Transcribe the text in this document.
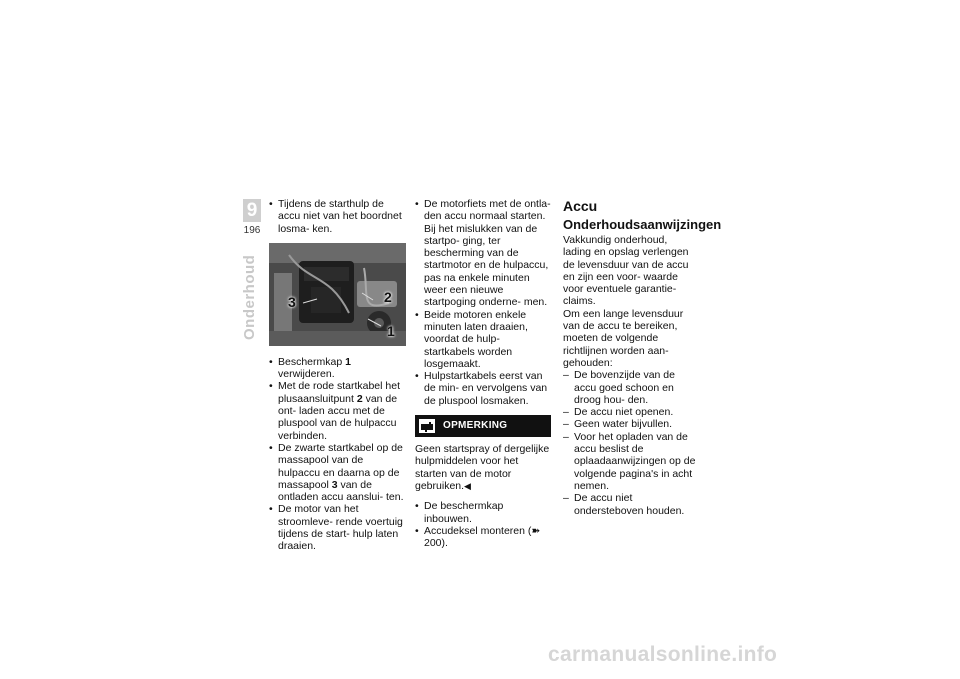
9
196
Onderhoud
• Tijdens de starthulp de accu niet van het boordnet losma- ken.
3	2
1
• Beschermkap 1 verwijderen.
• Met de rode startkabel het plusaansluitpunt 2 van de ont- laden accu met de pluspool van de hulpaccu verbinden.
• De zwarte startkabel op de massapool van de hulpaccu en daarna op de massapool 3 van de ontladen accu aanslui- ten.
• De motor van het stroomleve- rende voertuig tijdens de start- hulp laten draaien.
• De motorfiets met de ontla- den accu normaal starten. Bij het mislukken van de startpo- ging, ter bescherming van de startmotor en de hulpaccu, pas na enkele minuten weer een nieuwe startpoging onderne- men.
• Beide motoren enkele minuten laten draaien, voordat de hulp- startkabels worden losgemaakt.
• Hulpstartkabels eerst van de min- en vervolgens van de pluspool losmaken.
OPMERKING

Geen startspray of dergelijke hulpmiddelen voor het starten van de motor gebruiken.◀

• De beschermkap inbouwen.
• Accudeksel monteren (➽ 200).
Accu
Onderhoudsaanwijzingen

Vakkundig onderhoud, lading en opslag verlengen de levensduur van de accu en zijn een voor- waarde voor eventuele garantie- claims.

Om een lange levensduur van de accu te bereiken, moeten de volgende richtlijnen worden aan- gehouden:

– De bovenzijde van de accu goed schoon en droog hou- den.
– De accu niet openen.
– Geen water bijvullen.
– Voor het opladen van de accu beslist de oplaadaanwijzingen op de volgende pagina's in acht nemen.
– De accu niet ondersteboven houden.
carmanualsonline.info
